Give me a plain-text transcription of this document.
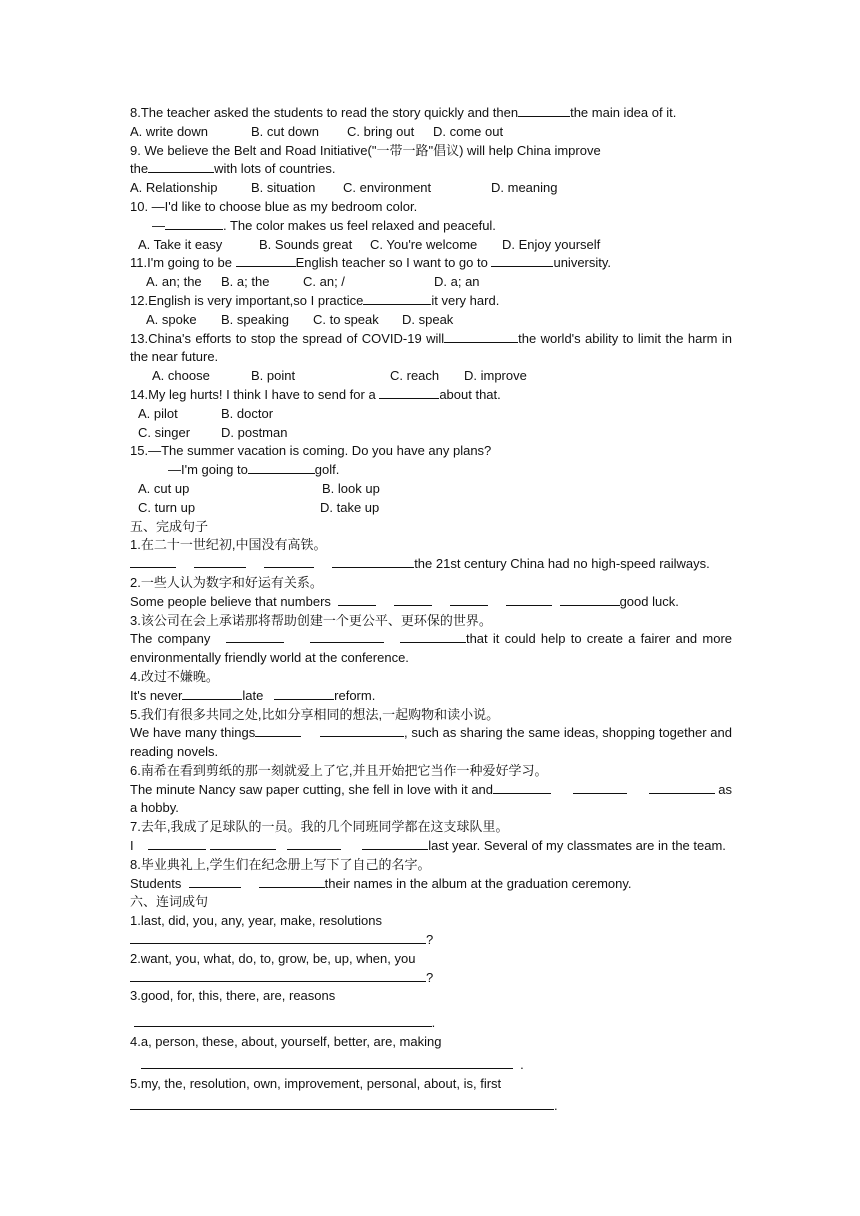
8.The teacher asked the students to read the story quickly and then	the main idea of it.
A. write down	B. cut down	C. bring out	D. come out
9. We believe the Belt and Road Initiative("一带一路"倡议) will help China improve
the	with lots of countries.
A. Relationship	B. situation	C. environment	D. meaning
10. —I'd like to choose blue as my bedroom color.
—	. The color makes us feel relaxed and peaceful.
A. Take it easy	B. Sounds great	C. You're welcome	D. Enjoy yourself
11.I'm going to be	English teacher so I want to go to	university.
A. an; the	B. a; the	C. an; /	D. a; an
12.English is very important,so I practice	it very hard.
A. spoke	B. speaking	C. to speak	D. speak
13.China's efforts to stop the spread of COVID-19 will	the world's ability to limit the harm in the near future.
A. choose	B. point	C. reach	D. improve
14.My leg hurts! I think I have to send for a	about that.
A. pilot	B. doctor
C. singer	D. postman
15.—The summer vacation is coming. Do you have any plans?
—I'm going to	golf.
A. cut up	B. look up
C. turn up	D. take up
五、完成句子
1.在二十一世纪初,中国没有高铁。
the 21st century China had no high-speed railways.
2.一些人认为数字和好运有关系。
Some people believe that numbers	good luck.
3.该公司在会上承诺那将帮助创建一个更公平、更环保的世界。
The company	that it could help to create a fairer and more environmentally friendly world at the conference.
4.改过不嫌晚。
It's never	late	reform.
5.我们有很多共同之处,比如分享相同的想法,一起购物和读小说。
We have many things	, such as sharing the same ideas, shopping together and reading novels.
6.南希在看到剪纸的那一刻就爱上了它,并且开始把它当作一种爱好学习。
The minute Nancy saw paper cutting, she fell in love with it and	as a hobby.
7.去年,我成了足球队的一员。我的几个同班同学都在这支球队里。
I	last year. Several of my classmates are in the team.
8.毕业典礼上,学生们在纪念册上写下了自己的名字。
Students	their names in the album at the graduation ceremony.
六、连词成句
1.last, did, you, any, year, make, resolutions
?
2.want, you, what, do, to, grow, be, up, when, you
?
3.good, for, this, there, are, reasons
.
4.a, person, these, about, yourself, better, are, making
.
5.my, the, resolution, own, improvement, personal, about, is, first
.
